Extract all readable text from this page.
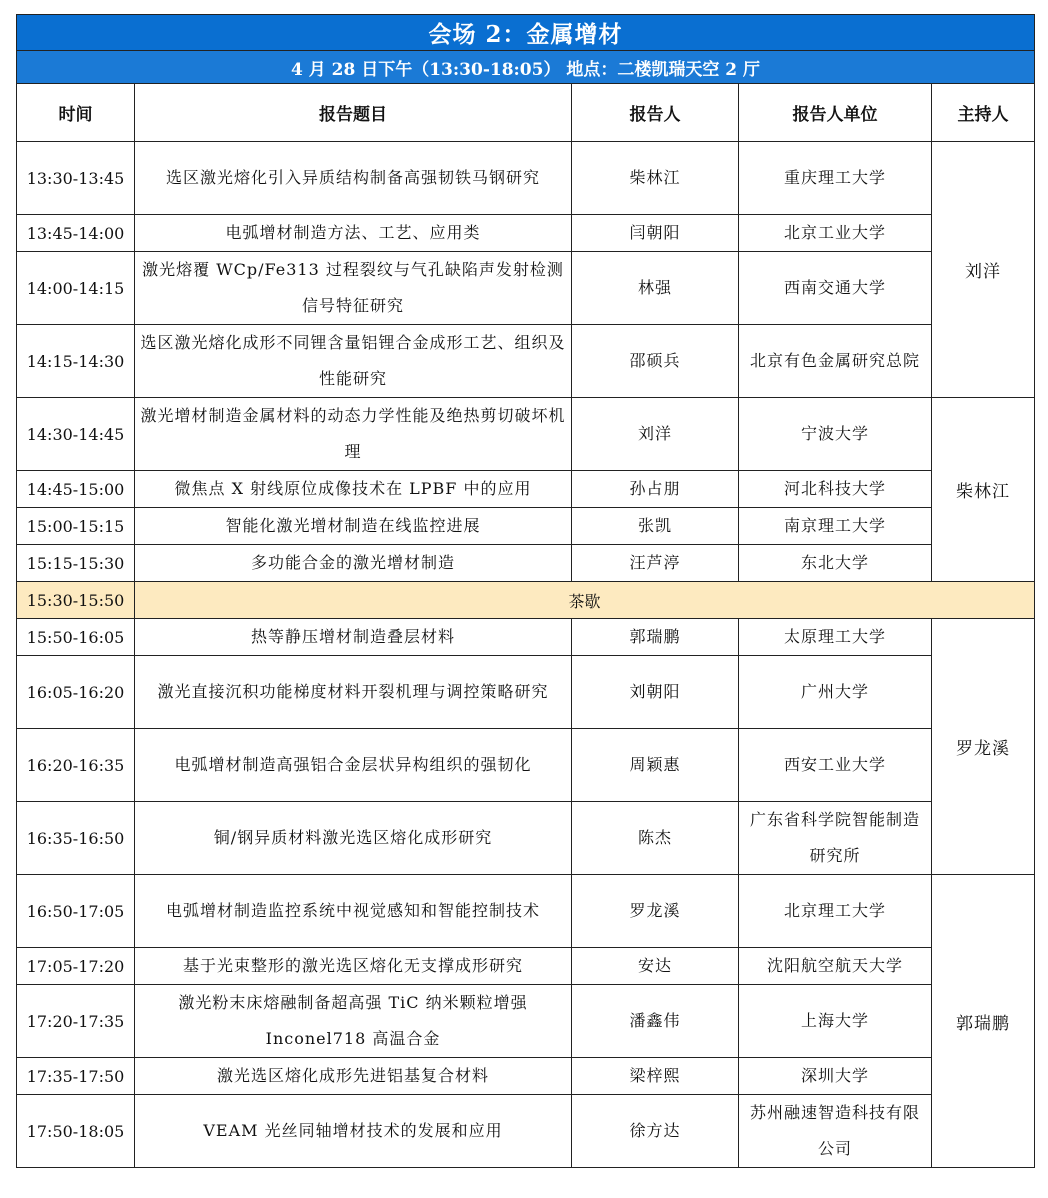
会场 2：金属增材				
4 月 28 日下午（13:30-18:05） 地点：二楼凯瑞天空 2 厅				
时间	报告题目	报告人	报告人单位	主持人
13:30-13:45	选区激光熔化引入异质结构制备高强韧铁马钢研究	柴林江	重庆理工大学	刘洋
13:45-14:00	电弧增材制造方法、工艺、应用类	闫朝阳	北京工业大学	
14:00-14:15	激光熔覆 WCp/Fe313 过程裂纹与气孔缺陷声发射检测信号特征研究	林强	西南交通大学	
14:15-14:30	选区激光熔化成形不同锂含量铝锂合金成形工艺、组织及性能研究	邵硕兵	北京有色金属研究总院	
14:30-14:45	激光增材制造金属材料的动态力学性能及绝热剪切破坏机理	刘洋	宁波大学	柴林江
14:45-15:00	微焦点 X 射线原位成像技术在 LPBF 中的应用	孙占朋	河北科技大学	
15:00-15:15	智能化激光增材制造在线监控进展	张凯	南京理工大学	
15:15-15:30	多功能合金的激光增材制造	汪芦渟	东北大学	
15:30-15:50	茶歇			
15:50-16:05	热等静压增材制造叠层材料	郭瑞鹏	太原理工大学	罗龙溪
16:05-16:20	激光直接沉积功能梯度材料开裂机理与调控策略研究	刘朝阳	广州大学	
16:20-16:35	电弧增材制造高强铝合金层状异构组织的强韧化	周颖惠	西安工业大学	
16:35-16:50	铜/钢异质材料激光选区熔化成形研究	陈杰	广东省科学院智能制造研究所	
16:50-17:05	电弧增材制造监控系统中视觉感知和智能控制技术	罗龙溪	北京理工大学	郭瑞鹏
17:05-17:20	基于光束整形的激光选区熔化无支撑成形研究	安达	沈阳航空航天大学	
17:20-17:35	激光粉末床熔融制备超高强 TiC 纳米颗粒增强 Inconel718 高温合金	潘鑫伟	上海大学	
17:35-17:50	激光选区熔化成形先进铝基复合材料	梁梓熙	深圳大学	
17:50-18:05	VEAM 光丝同轴增材技术的发展和应用	徐方达	苏州融速智造科技有限公司	
